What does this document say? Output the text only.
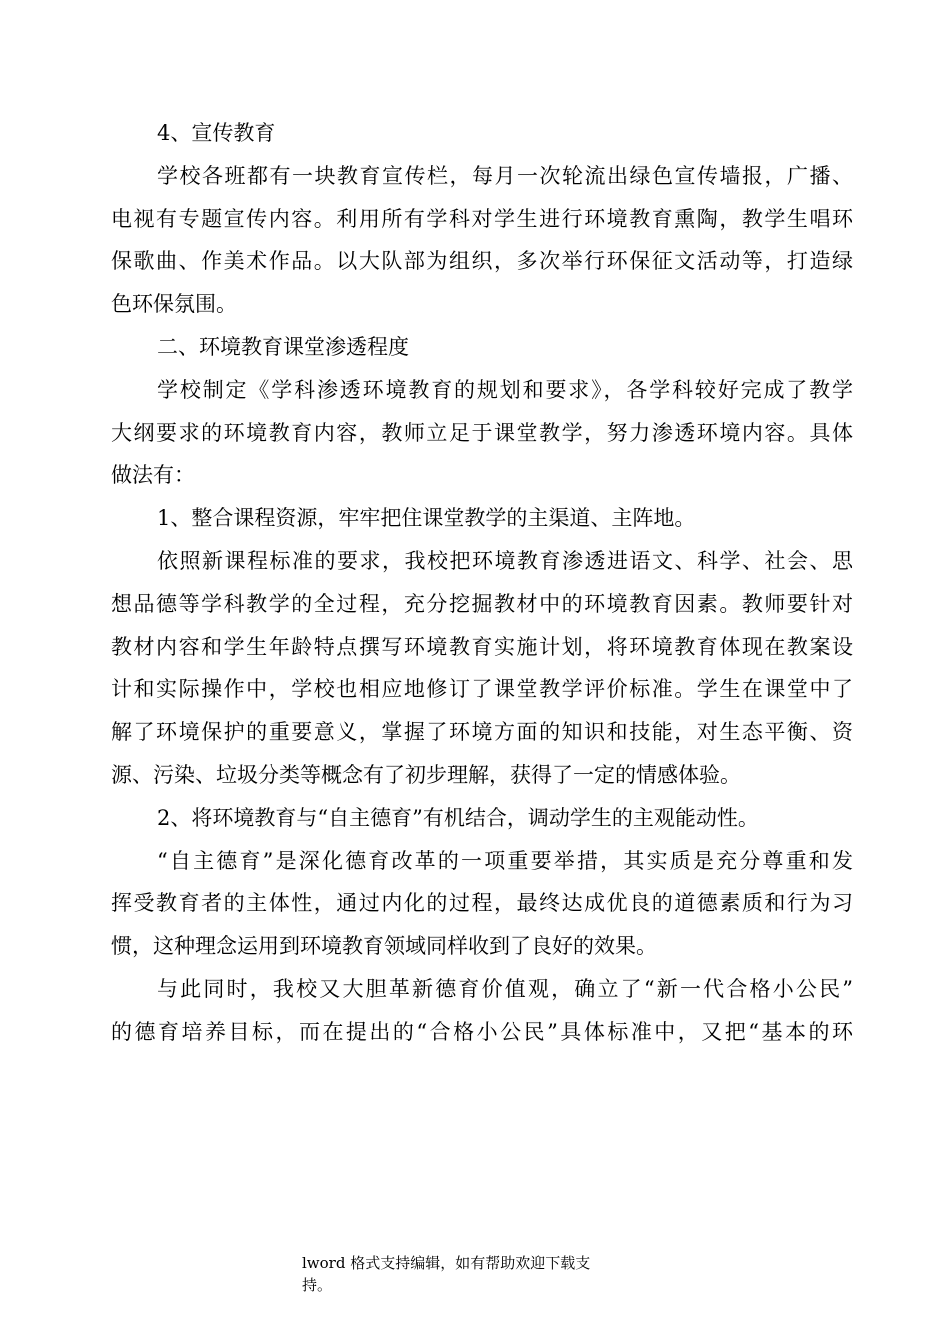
4、宣传教育
学校各班都有一块教育宣传栏，每月一次轮流出绿色宣传墙报，广播、
电视有专题宣传内容。利用所有学科对学生进行环境教育熏陶，教学生唱环
保歌曲、作美术作品。以大队部为组织，多次举行环保征文活动等，打造绿
色环保氛围。
二、环境教育课堂渗透程度
学校制定《学科渗透环境教育的规划和要求》，各学科较好完成了教学
大纲要求的环境教育内容，教师立足于课堂教学，努力渗透环境内容。具体
做法有：
1、整合课程资源，牢牢把住课堂教学的主渠道、主阵地。
依照新课程标准的要求，我校把环境教育渗透进语文、科学、社会、思
想品德等学科教学的全过程，充分挖掘教材中的环境教育因素。教师要针对
教材内容和学生年龄特点撰写环境教育实施计划，将环境教育体现在教案设
计和实际操作中，学校也相应地修订了课堂教学评价标准。学生在课堂中了
解了环境保护的重要意义，掌握了环境方面的知识和技能，对生态平衡、资
源、污染、垃圾分类等概念有了初步理解，获得了一定的情感体验。
2、将环境教育与“自主德育”有机结合，调动学生的主观能动性。
“自主德育”是深化德育改革的一项重要举措，其实质是充分尊重和发
挥受教育者的主体性，通过内化的过程，最终达成优良的道德素质和行为习
惯，这种理念运用到环境教育领域同样收到了良好的效果。
与此同时，我校又大胆革新德育价值观，确立了“新一代合格小公民”
的德育培养目标，而在提出的“合格小公民”具体标准中，又把“基本的环
lword 格式支持编辑，如有帮助欢迎下载支
持。
